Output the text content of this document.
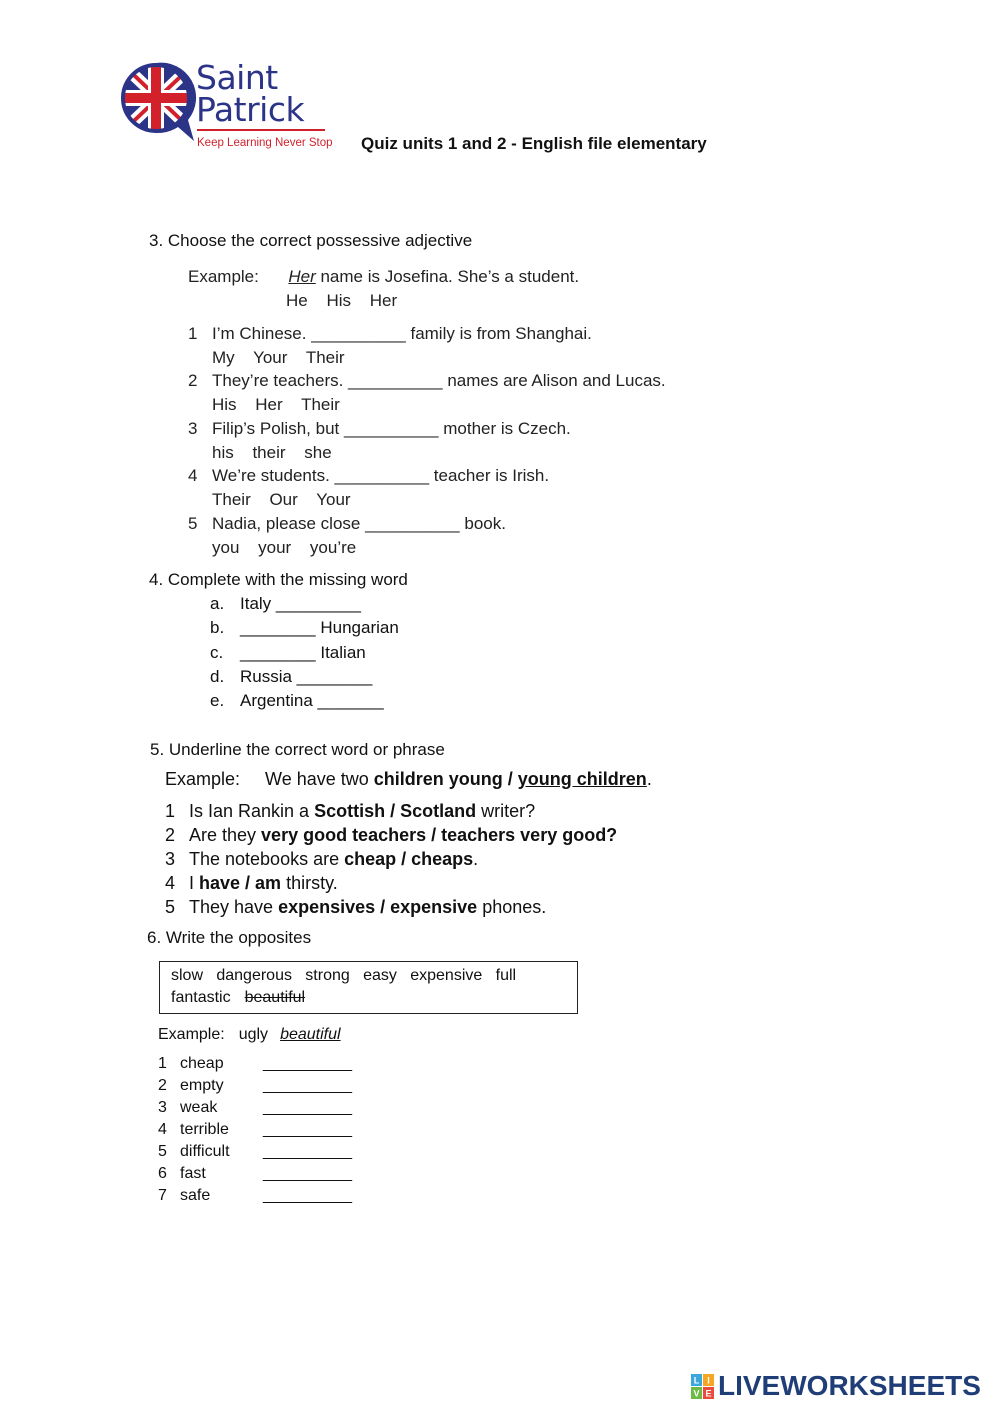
Saint
Patrick
Keep Learning Never Stop Quiz units 1 and 2 - English file elementary
3. Choose the correct possessive adjective
Example: Her name is Josefina. She’s a student.
He His Her
1 I’m Chinese. __________ family is from Shanghai.
My Your Their
2 They’re teachers. __________ names are Alison and Lucas.
His Her Their
3 Filip’s Polish, but __________ mother is Czech.
his their she
4 We’re students. __________ teacher is Irish.
Their Our Your
5 Nadia, please close __________ book.
you your you’re
4. Complete with the missing word
a. Italy _________
b. ________ Hungarian
c. ________ Italian
d. Russia ________
e. Argentina _______
5. Underline the correct word or phrase
Example: We have two children young / young children.
1 Is Ian Rankin a Scottish / Scotland writer?
2 Are they very good teachers / teachers very good?
3 The notebooks are cheap / cheaps.
4 I have / am thirsty.
5 They have expensives / expensive phones.
6. Write the opposites
slow   dangerous   strong   easy   expensive   full
fantastic beautiful
Example: ugly beautiful
1 cheap __________
2 empty __________
3 weak	__________
4 terrible __________
5 difficult __________
6 fast	__________
7 safe	__________
L I
V E LIVEWORKSHEETS
